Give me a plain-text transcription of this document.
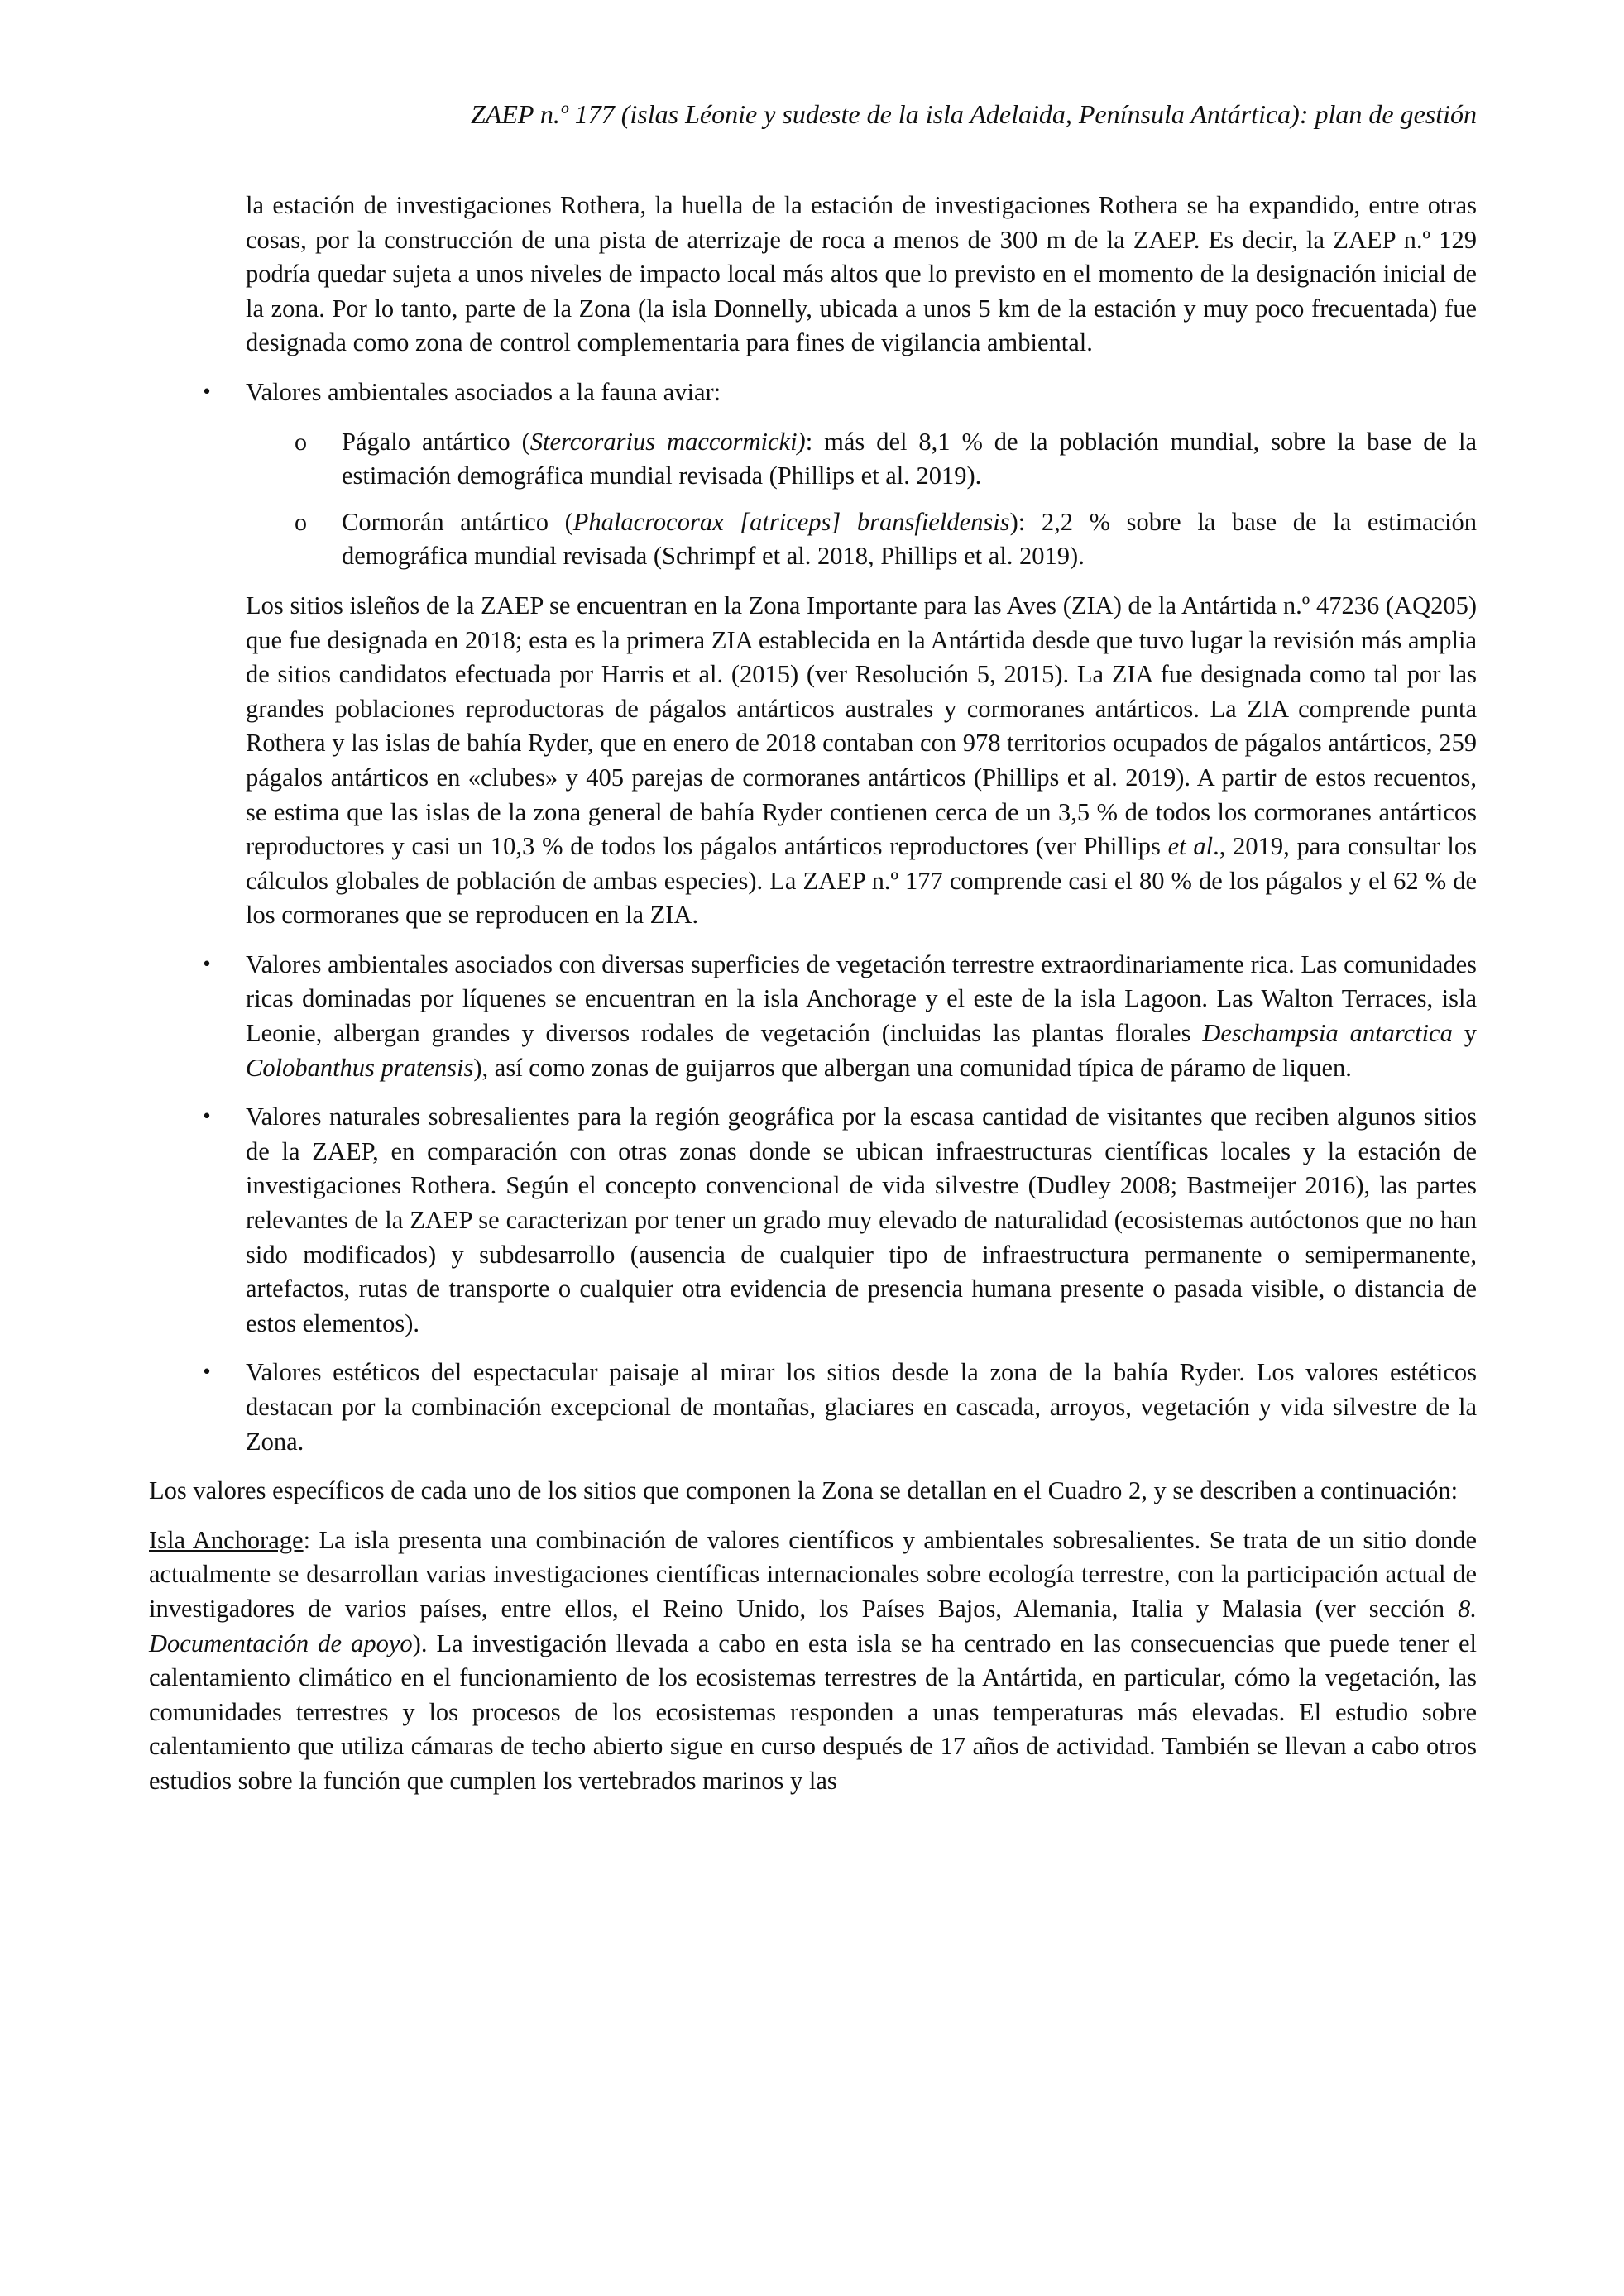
ZAEP n.º 177 (islas Léonie y sudeste de la isla Adelaida, Península Antártica): plan de gestión

la estación de investigaciones Rothera, la huella de la estación de investigaciones Rothera se ha expandido, entre otras cosas, por la construcción de una pista de aterrizaje de roca a menos de 300 m de la ZAEP. Es decir, la ZAEP n.º 129 podría quedar sujeta a unos niveles de impacto local más altos que lo previsto en el momento de la designación inicial de la zona. Por lo tanto, parte de la Zona (la isla Donnelly, ubicada a unos 5 km de la estación y muy poco frecuentada) fue designada como zona de control complementaria para fines de vigilancia ambiental.

• Valores ambientales asociados a la fauna aviar:
o Págalo antártico (Stercorarius maccormicki): más del 8,1 % de la población mundial, sobre la base de la estimación demográfica mundial revisada (Phillips et al. 2019).
o Cormorán antártico (Phalacrocorax [atriceps] bransfieldensis): 2,2 % sobre la base de la estimación demográfica mundial revisada (Schrimpf et al. 2018, Phillips et al. 2019).

Los sitios isleños de la ZAEP se encuentran en la Zona Importante para las Aves (ZIA) de la Antártida n.º 47236 (AQ205) que fue designada en 2018; esta es la primera ZIA establecida en la Antártida desde que tuvo lugar la revisión más amplia de sitios candidatos efectuada por Harris et al. (2015) (ver Resolución 5, 2015). La ZIA fue designada como tal por las grandes poblaciones reproductoras de págalos antárticos australes y cormoranes antárticos. La ZIA comprende punta Rothera y las islas de bahía Ryder, que en enero de 2018 contaban con 978 territorios ocupados de págalos antárticos, 259 págalos antárticos en «clubes» y 405 parejas de cormoranes antárticos (Phillips et al. 2019). A partir de estos recuentos, se estima que las islas de la zona general de bahía Ryder contienen cerca de un 3,5 % de todos los cormoranes antárticos reproductores y casi un 10,3 % de todos los págalos antárticos reproductores (ver Phillips et al., 2019, para consultar los cálculos globales de población de ambas especies). La ZAEP n.º 177 comprende casi el 80 % de los págalos y el 62 % de los cormoranes que se reproducen en la ZIA.

• Valores ambientales asociados con diversas superficies de vegetación terrestre extraordinariamente rica. Las comunidades ricas dominadas por líquenes se encuentran en la isla Anchorage y el este de la isla Lagoon. Las Walton Terraces, isla Leonie, albergan grandes y diversos rodales de vegetación (incluidas las plantas florales Deschampsia antarctica y Colobanthus pratensis), así como zonas de guijarros que albergan una comunidad típica de páramo de liquen.
• Valores naturales sobresalientes para la región geográfica por la escasa cantidad de visitantes que reciben algunos sitios de la ZAEP, en comparación con otras zonas donde se ubican infraestructuras científicas locales y la estación de investigaciones Rothera. Según el concepto convencional de vida silvestre (Dudley 2008; Bastmeijer 2016), las partes relevantes de la ZAEP se caracterizan por tener un grado muy elevado de naturalidad (ecosistemas autóctonos que no han sido modificados) y subdesarrollo (ausencia de cualquier tipo de infraestructura permanente o semipermanente, artefactos, rutas de transporte o cualquier otra evidencia de presencia humana presente o pasada visible, o distancia de estos elementos).
• Valores estéticos del espectacular paisaje al mirar los sitios desde la zona de la bahía Ryder. Los valores estéticos destacan por la combinación excepcional de montañas, glaciares en cascada, arroyos, vegetación y vida silvestre de la Zona.

Los valores específicos de cada uno de los sitios que componen la Zona se detallan en el Cuadro 2, y se describen a continuación:

Isla Anchorage: La isla presenta una combinación de valores científicos y ambientales sobresalientes. Se trata de un sitio donde actualmente se desarrollan varias investigaciones científicas internacionales sobre ecología terrestre, con la participación actual de investigadores de varios países, entre ellos, el Reino Unido, los Países Bajos, Alemania, Italia y Malasia (ver sección 8. Documentación de apoyo). La investigación llevada a cabo en esta isla se ha centrado en las consecuencias que puede tener el calentamiento climático en el funcionamiento de los ecosistemas terrestres de la Antártida, en particular, cómo la vegetación, las comunidades terrestres y los procesos de los ecosistemas responden a unas temperaturas más elevadas. El estudio sobre calentamiento que utiliza cámaras de techo abierto sigue en curso después de 17 años de actividad. También se llevan a cabo otros estudios sobre la función que cumplen los vertebrados marinos y las
